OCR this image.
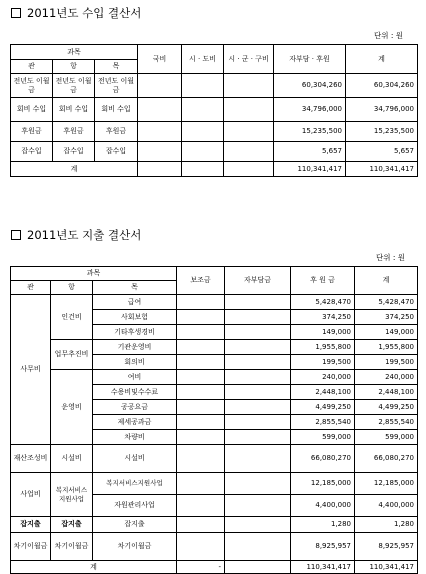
2011년도 수입 결산서
단위 : 원
과목			국비	시 · 도비	시 · 군 · 구비	자부담 · 후원	계
관	항	목					
전년도 이월금	전년도 이월금	전년도 이월금				60,304,260	60,304,260
회비 수입	회비 수입	회비 수입				34,796,000	34,796,000
후원금	후원금	후원금				15,235,500	15,235,500
잡수입	잡수입	잡수입				5,657	5,657
계						110,341,417	110,341,417
2011년도 지출 결산서
단위 : 원
과목			보조금	자부담금	후 원 금	계
관	항	목				
사무비	인건비	급여			5,428,470	5,428,470
		사회보험			374,250	374,250
		기타후생경비			149,000	149,000
	업무추진비	기관운영비			1,955,800	1,955,800
		회의비			199,500	199,500
	운영비	여비			240,000	240,000
		수용비및수수료			2,448,100	2,448,100
		공공요금			4,499,250	4,499,250
		제세공과금			2,855,540	2,855,540
		차량비			599,000	599,000
재산조성비	시설비	시설비			66,080,270	66,080,270
사업비	복지서비스지원사업	복지서비스지원사업			12,185,000	12,185,000
		자원관리사업			4,400,000	4,400,000
잡지출	잡지출	잡지출			1,280	1,280
차기이월금	차기이월금	차기이월금			8,925,957	8,925,957
계			-		110,341,417	110,341,417
